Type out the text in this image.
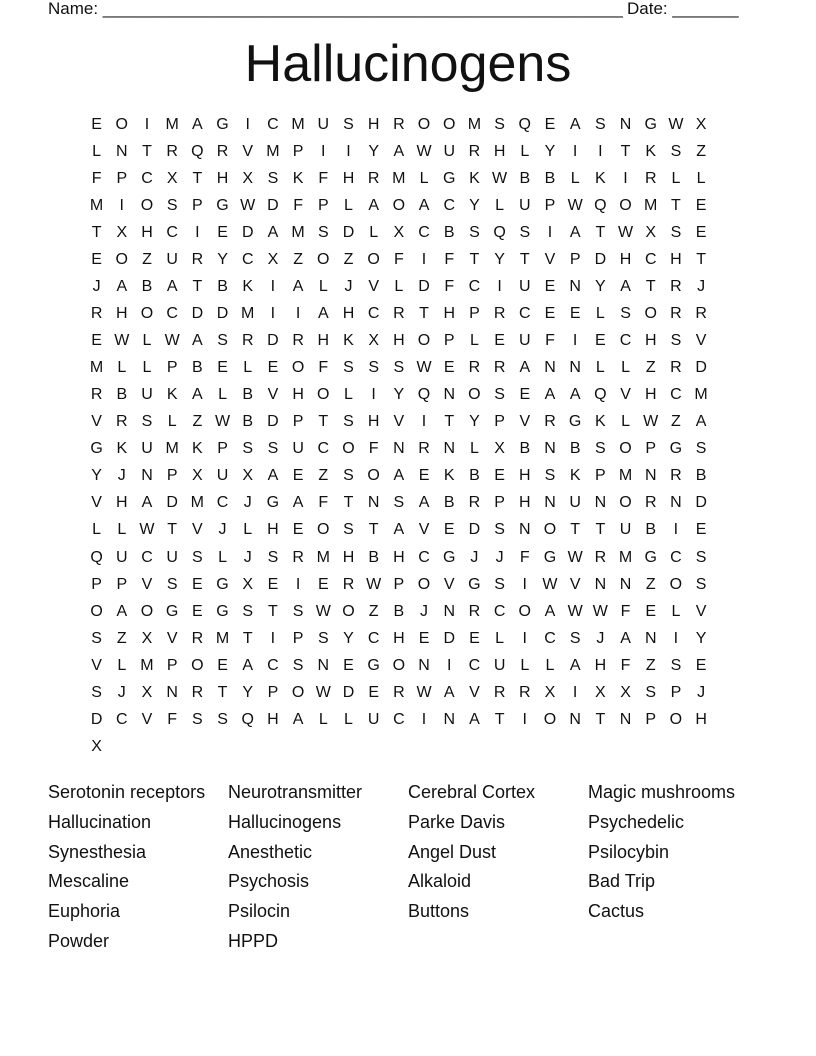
Name: _______________________________________________________ Date: _______
Hallucinogens
E O	I	M A G	I	C M U S H R O O M S Q E A S N G W X
L N T R Q R V M P	I	I	Y A W U R H L Y	I	I	T K S Z
F P C X T H X S K F H R M L G K W B B L K	I	R L	L
M	I	O S P G W D F P L A O A C Y L U P W Q O M T E
T X H C	I	E D A M S D L X C B S Q S	I	A T W X S E
E O Z U R Y C X Z O Z O F	I	F T Y T V P D H C H T
J A B A T B K	I	A L	J V L D F C	I	U E N Y A T R J
R H O C D D M	I	I	A H C R T H P R C E E L S O R R
E W L W A S R D R H K X H O P L E U F	I	E C H S V
M L	L P B E L E O F S S S W E R R A N N L	L Z R D
R B U K A L B V H O L	I	Y Q N O S E A A Q V H C M
V R S L Z W B D P T S H V	I	T Y P V R G K L W Z A
G K U M K P S S U C O F N R N L X B N B S O P G S
Y J N P X U X A E Z S O A E K B E H S K P M N R B
V H A D M C J G A F T N S A B R P H N U N O R N D
L	L W T V J	L H E O S T A V E D S N O T T U B	I	E
Q U C U S L	J S R M H B H C G J	J	F G W R M G C S
P P V S E G X E	I	E R W P O V G S	I W V N N Z O S
O A O G E G S T S W O Z B J N R C O A W W F E L V
S Z X V R M T	I	P S Y C H E D E L	I	C S J A N	I	Y
V L M P O E A C S N E G O N	I	C U L	L A H F Z S E
S J X N R T Y P O W D E R W A V R R X	I	X X S P J
D C V F S S Q H A L	L U C	I	N A T	I	O N T N P O H
X
Serotonin receptors	Neurotransmitter	Cerebral Cortex	Magic mushrooms
Hallucination	Hallucinogens	Parke Davis	Psychedelic
Synesthesia	Anesthetic	Angel Dust	Psilocybin
Mescaline	Psychosis	Alkaloid	Bad Trip
Euphoria	Psilocin	Buttons	Cactus
Powder	HPPD
